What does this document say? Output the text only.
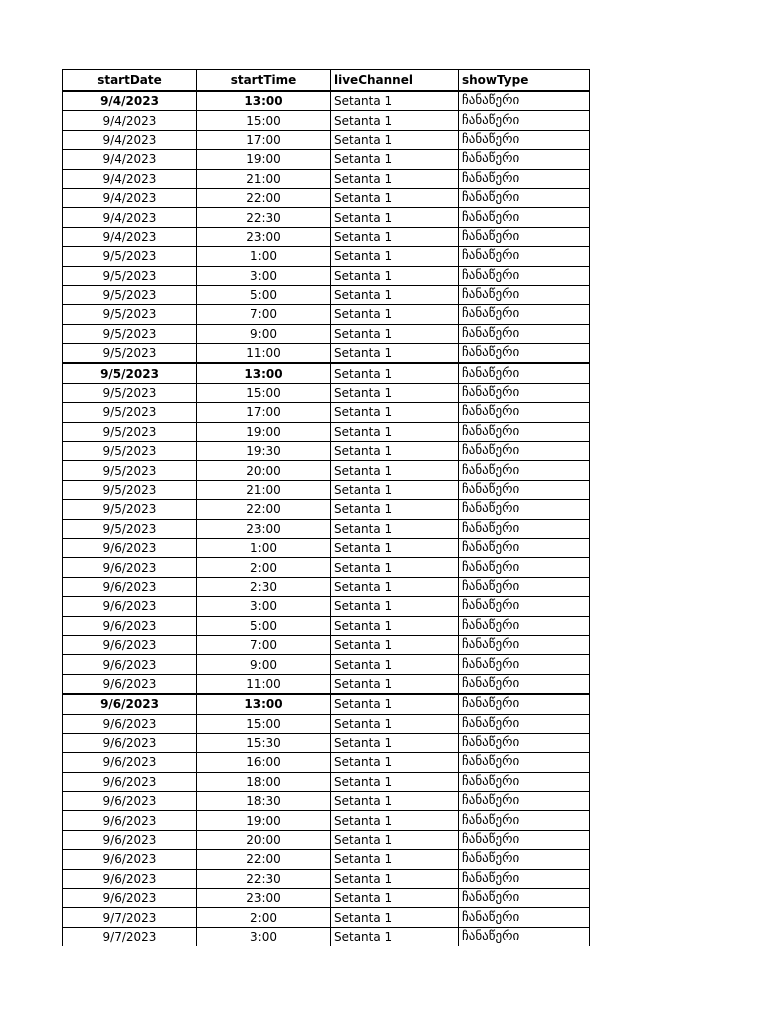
startDate	startTime	liveChannel	showType
9/4/2023	13:00	Setanta 1	ჩანაწერი
9/4/2023	15:00	Setanta 1	ჩანაწერი
9/4/2023	17:00	Setanta 1	ჩანაწერი
9/4/2023	19:00	Setanta 1	ჩანაწერი
9/4/2023	21:00	Setanta 1	ჩანაწერი
9/4/2023	22:00	Setanta 1	ჩანაწერი
9/4/2023	22:30	Setanta 1	ჩანაწერი
9/4/2023	23:00	Setanta 1	ჩანაწერი
9/5/2023	1:00	Setanta 1	ჩანაწერი
9/5/2023	3:00	Setanta 1	ჩანაწერი
9/5/2023	5:00	Setanta 1	ჩანაწერი
9/5/2023	7:00	Setanta 1	ჩანაწერი
9/5/2023	9:00	Setanta 1	ჩანაწერი
9/5/2023	11:00	Setanta 1	ჩანაწერი
9/5/2023	13:00	Setanta 1	ჩანაწერი
9/5/2023	15:00	Setanta 1	ჩანაწერი
9/5/2023	17:00	Setanta 1	ჩანაწერი
9/5/2023	19:00	Setanta 1	ჩანაწერი
9/5/2023	19:30	Setanta 1	ჩანაწერი
9/5/2023	20:00	Setanta 1	ჩანაწერი
9/5/2023	21:00	Setanta 1	ჩანაწერი
9/5/2023	22:00	Setanta 1	ჩანაწერი
9/5/2023	23:00	Setanta 1	ჩანაწერი
9/6/2023	1:00	Setanta 1	ჩანაწერი
9/6/2023	2:00	Setanta 1	ჩანაწერი
9/6/2023	2:30	Setanta 1	ჩანაწერი
9/6/2023	3:00	Setanta 1	ჩანაწერი
9/6/2023	5:00	Setanta 1	ჩანაწერი
9/6/2023	7:00	Setanta 1	ჩანაწერი
9/6/2023	9:00	Setanta 1	ჩანაწერი
9/6/2023	11:00	Setanta 1	ჩანაწერი
9/6/2023	13:00	Setanta 1	ჩანაწერი
9/6/2023	15:00	Setanta 1	ჩანაწერი
9/6/2023	15:30	Setanta 1	ჩანაწერი
9/6/2023	16:00	Setanta 1	ჩანაწერი
9/6/2023	18:00	Setanta 1	ჩანაწერი
9/6/2023	18:30	Setanta 1	ჩანაწერი
9/6/2023	19:00	Setanta 1	ჩანაწერი
9/6/2023	20:00	Setanta 1	ჩანაწერი
9/6/2023	22:00	Setanta 1	ჩანაწერი
9/6/2023	22:30	Setanta 1	ჩანაწერი
9/6/2023	23:00	Setanta 1	ჩანაწერი
9/7/2023	2:00	Setanta 1	ჩანაწერი
9/7/2023	3:00	Setanta 1	ჩანაწერი
